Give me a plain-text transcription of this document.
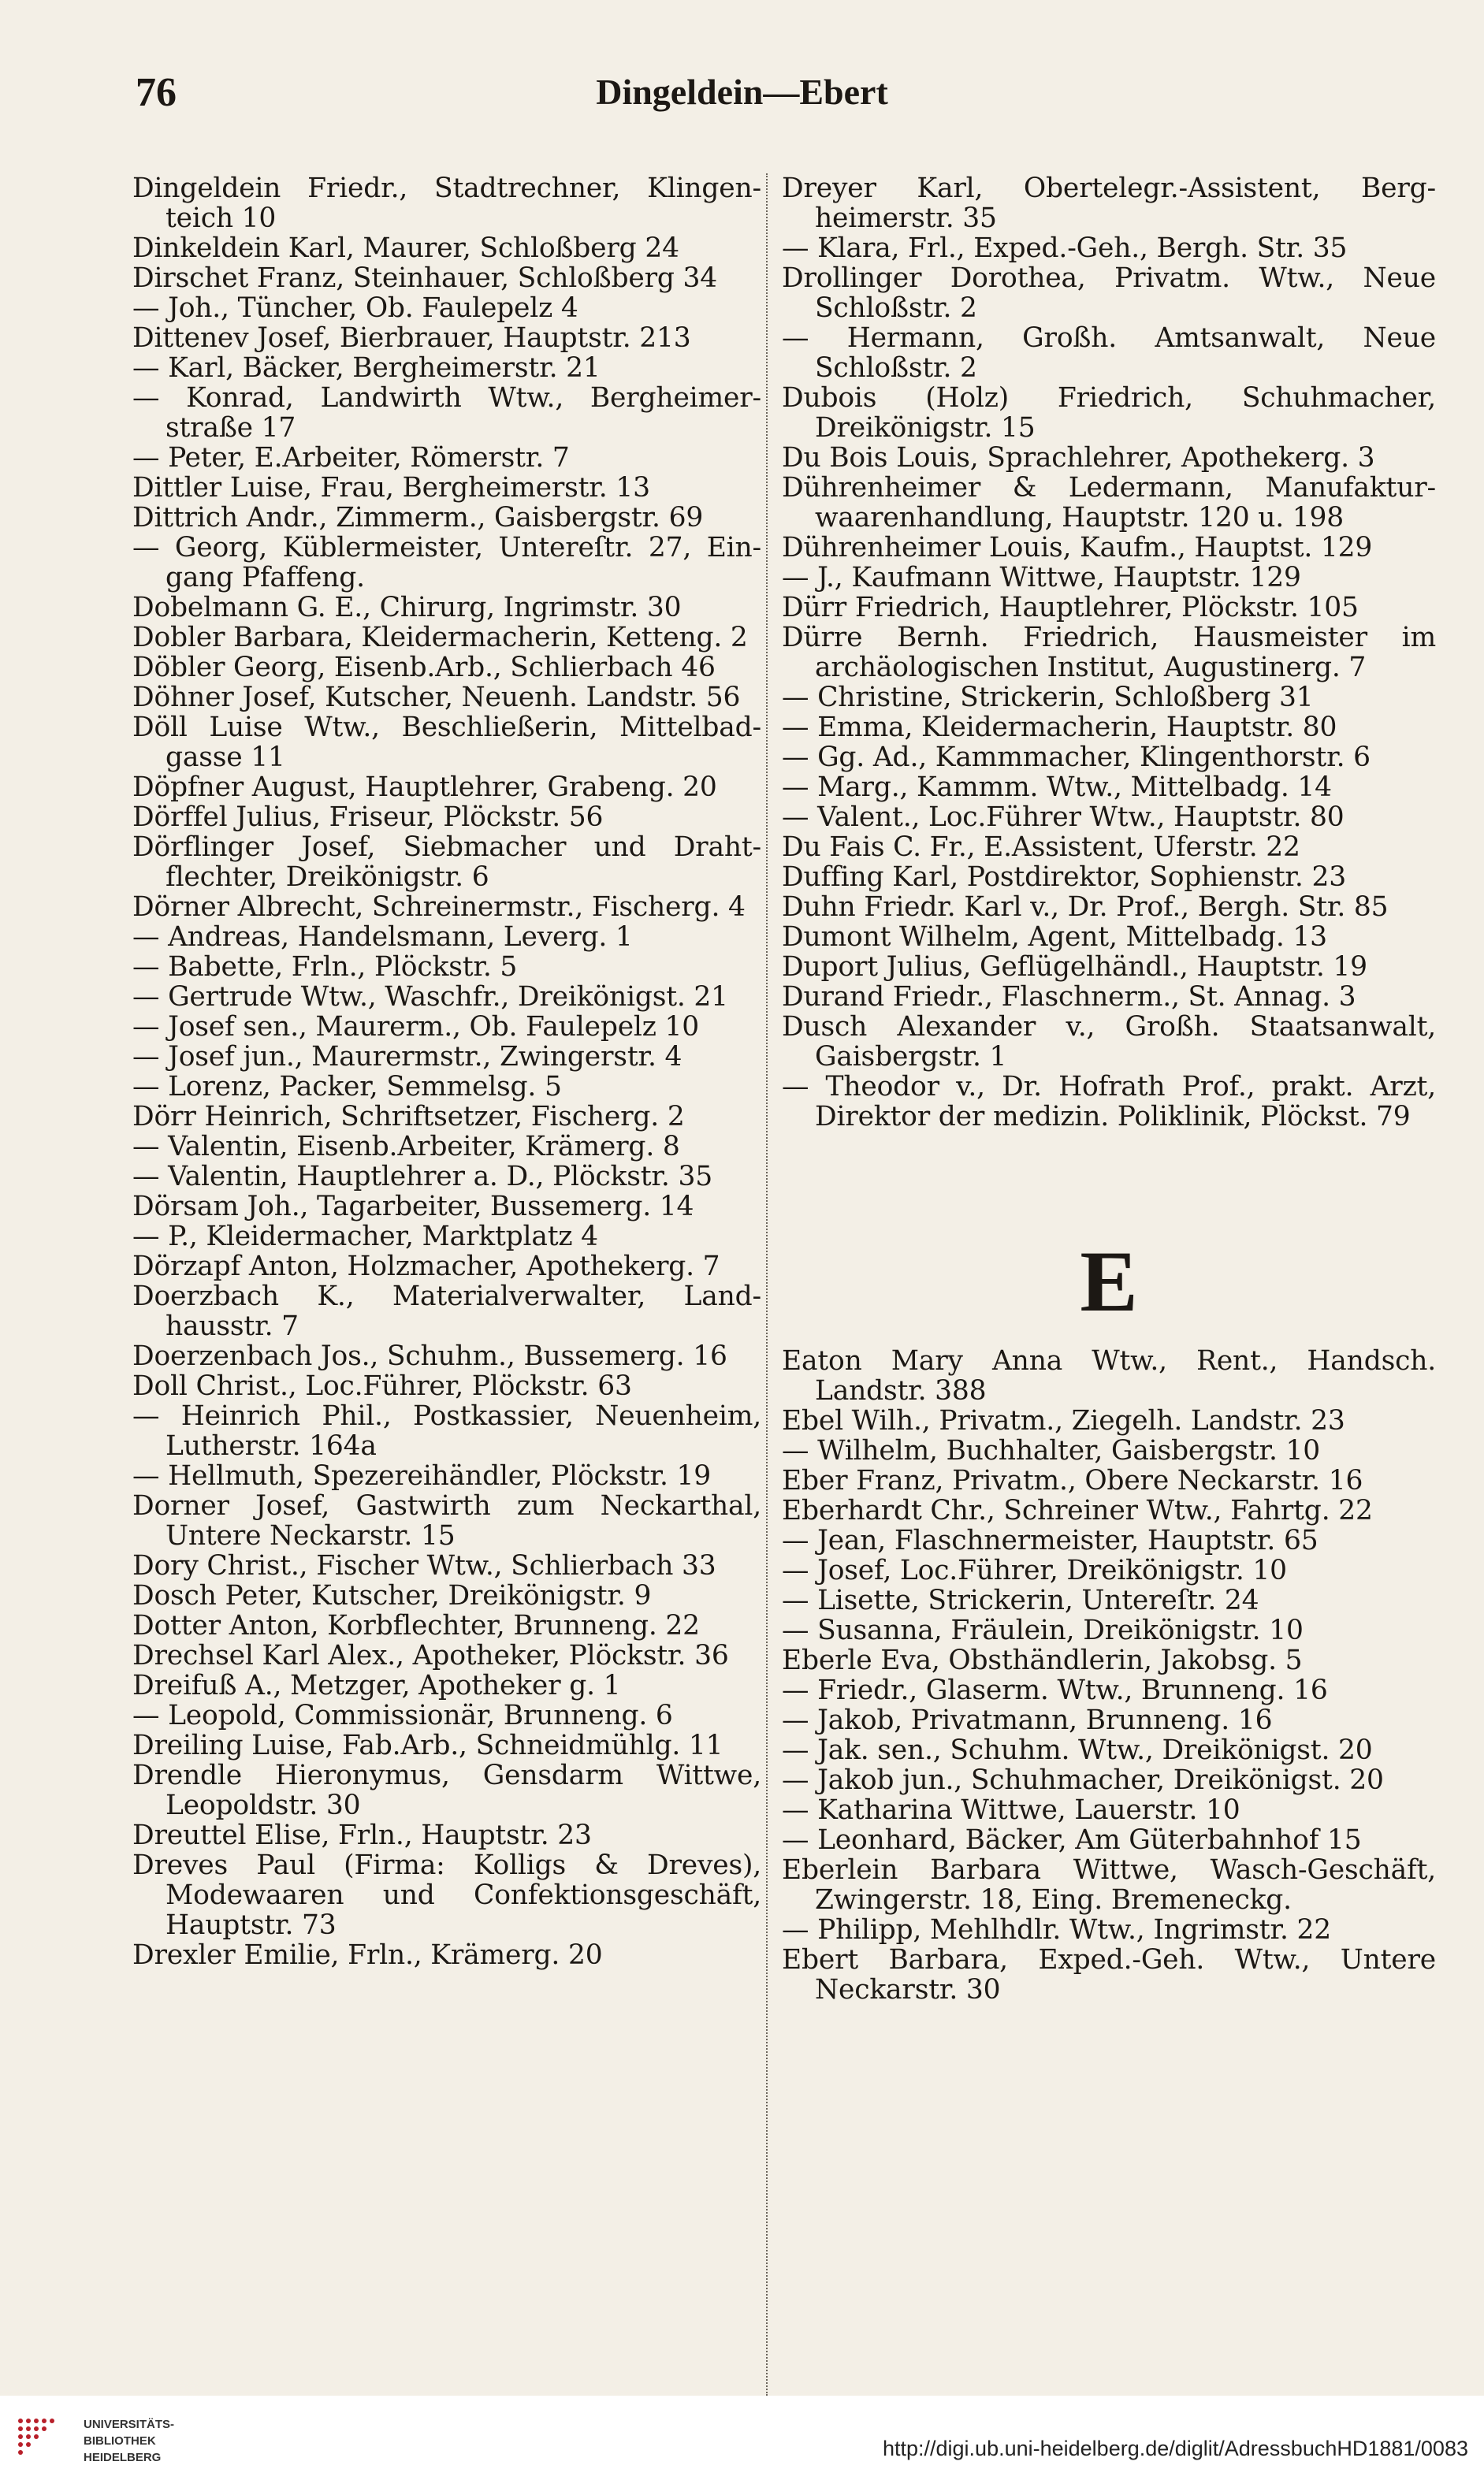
76	Dingeldein—Ebert
Dingeldein Friedr., Stadtrechner, Klingen-teich 10
Dinkeldein Karl, Maurer, Schloßberg 24
Dirschet Franz, Steinhauer, Schloßberg 34
— Joh., Tüncher, Ob. Faulepelz 4
Dittenev Josef, Bierbrauer, Hauptstr. 213
— Karl, Bäcker, Bergheimerstr. 21
— Konrad, Landwirth Wtw., Bergheimer-straße 17
— Peter, E.Arbeiter, Römerstr. 7
Dittler Luise, Frau, Bergheimerstr. 13
Dittrich Andr., Zimmerm., Gaisbergstr. 69
— Georg, Küblermeister, Untereſtr. 27, Ein-gang Pfaffeng.
Dobelmann G. E., Chirurg, Ingrimstr. 30
Dobler Barbara, Kleidermacherin, Ketteng. 2
Döbler Georg, Eisenb.Arb., Schlierbach 46
Döhner Josef, Kutscher, Neuenh. Landstr. 56
Döll Luise Wtw., Beschließerin, Mittelbad-gasse 11
Döpfner August, Hauptlehrer, Grabeng. 20
Dörffel Julius, Friseur, Plöckstr. 56
Dörflinger Josef, Siebmacher und Draht-flechter, Dreikönigstr. 6
Dörner Albrecht, Schreinermstr., Fischerg. 4
— Andreas, Handelsmann, Leverg. 1
— Babette, Frln., Plöckstr. 5
— Gertrude Wtw., Waschfr., Dreikönigst. 21
— Josef sen., Maurerm., Ob. Faulepelz 10
— Josef jun., Maurermstr., Zwingerstr. 4
— Lorenz, Packer, Semmelsg. 5
Dörr Heinrich, Schriftsetzer, Fischerg. 2
— Valentin, Eisenb.Arbeiter, Krämerg. 8
— Valentin, Hauptlehrer a. D., Plöckstr. 35
Dörsam Joh., Tagarbeiter, Bussemerg. 14
— P., Kleidermacher, Marktplatz 4
Dörzapf Anton, Holzmacher, Apothekerg. 7
Doerzbach K., Materialverwalter, Land-hausstr. 7
Doerzenbach Jos., Schuhm., Bussemerg. 16
Doll Christ., Loc.Führer, Plöckstr. 63
— Heinrich Phil., Postkassier, Neuenheim, Lutherstr. 164a
— Hellmuth, Spezereihändler, Plöckstr. 19
Dorner Josef, Gastwirth zum Neckarthal, Untere Neckarstr. 15
Dory Christ., Fischer Wtw., Schlierbach 33
Dosch Peter, Kutscher, Dreikönigstr. 9
Dotter Anton, Korbflechter, Brunneng. 22
Drechsel Karl Alex., Apotheker, Plöckstr. 36
Dreifuß A., Metzger, Apotheker g. 1
— Leopold, Commissionär, Brunneng. 6
Dreiling Luise, Fab.Arb., Schneidmühlg. 11
Drendle Hieronymus, Gensdarm Wittwe, Leopoldstr. 30
Dreuttel Elise, Frln., Hauptstr. 23
Dreves Paul (Firma: Kolligs & Dreves), Modewaaren und Confektionsgeschäft, Hauptstr. 73
Drexler Emilie, Frln., Krämerg. 20
Dreyer Karl, Obertelegr.-Assistent, Berg-heimerstr. 35
— Klara, Frl., Exped.-Geh., Bergh. Str. 35
Drollinger Dorothea, Privatm. Wtw., Neue Schloßstr. 2
— Hermann, Großh. Amtsanwalt, Neue Schloßstr. 2
Dubois (Holz) Friedrich, Schuhmacher, Dreikönigstr. 15
Du Bois Louis, Sprachlehrer, Apothekerg. 3
Dührenheimer & Ledermann, Manufaktur-waarenhandlung, Hauptstr. 120 u. 198
Dührenheimer Louis, Kaufm., Hauptst. 129
— J., Kaufmann Wittwe, Hauptstr. 129
Dürr Friedrich, Hauptlehrer, Plöckstr. 105
Dürre Bernh. Friedrich, Hausmeister im archäologischen Institut, Augustinerg. 7
— Christine, Strickerin, Schloßberg 31
— Emma, Kleidermacherin, Hauptstr. 80
— Gg. Ad., Kammmacher, Klingenthorstr. 6
— Marg., Kammm. Wtw., Mittelbadg. 14
— Valent., Loc.Führer Wtw., Hauptstr. 80
Du Fais C. Fr., E.Assistent, Uferstr. 22
Duffing Karl, Postdirektor, Sophienstr. 23
Duhn Friedr. Karl v., Dr. Prof., Bergh. Str. 85
Dumont Wilhelm, Agent, Mittelbadg. 13
Duport Julius, Geflügelhändl., Hauptstr. 19
Durand Friedr., Flaschnerm., St. Annag. 3
Dusch Alexander v., Großh. Staatsanwalt, Gaisbergstr. 1
— Theodor v., Dr. Hofrath Prof., prakt. Arzt, Direktor der medizin. Poliklinik, Plöckst. 79
E
Eaton Mary Anna Wtw., Rent., Handsch. Landstr. 388
Ebel Wilh., Privatm., Ziegelh. Landstr. 23
— Wilhelm, Buchhalter, Gaisbergstr. 10
Eber Franz, Privatm., Obere Neckarstr. 16
Eberhardt Chr., Schreiner Wtw., Fahrtg. 22
— Jean, Flaschnermeister, Hauptstr. 65
— Josef, Loc.Führer, Dreikönigstr. 10
— Lisette, Strickerin, Untereſtr. 24
— Susanna, Fräulein, Dreikönigstr. 10
Eberle Eva, Obsthändlerin, Jakobsg. 5
— Friedr., Glaserm. Wtw., Brunneng. 16
— Jakob, Privatmann, Brunneng. 16
— Jak. sen., Schuhm. Wtw., Dreikönigst. 20
— Jakob jun., Schuhmacher, Dreikönigst. 20
— Katharina Wittwe, Lauerstr. 10
— Leonhard, Bäcker, Am Güterbahnhof 15
Eberlein Barbara Wittwe, Wasch-Geschäft, Zwingerstr. 18, Eing. Bremeneckg.
— Philipp, Mehlhdlr. Wtw., Ingrimstr. 22
Ebert Barbara, Exped.-Geh. Wtw., Untere Neckarstr. 30
UNIVERSITÄTS-
BIBLIOTHEK
HEIDELBERG	http://digi.ub.uni-heidelberg.de/diglit/AdressbuchHD1881/0083
